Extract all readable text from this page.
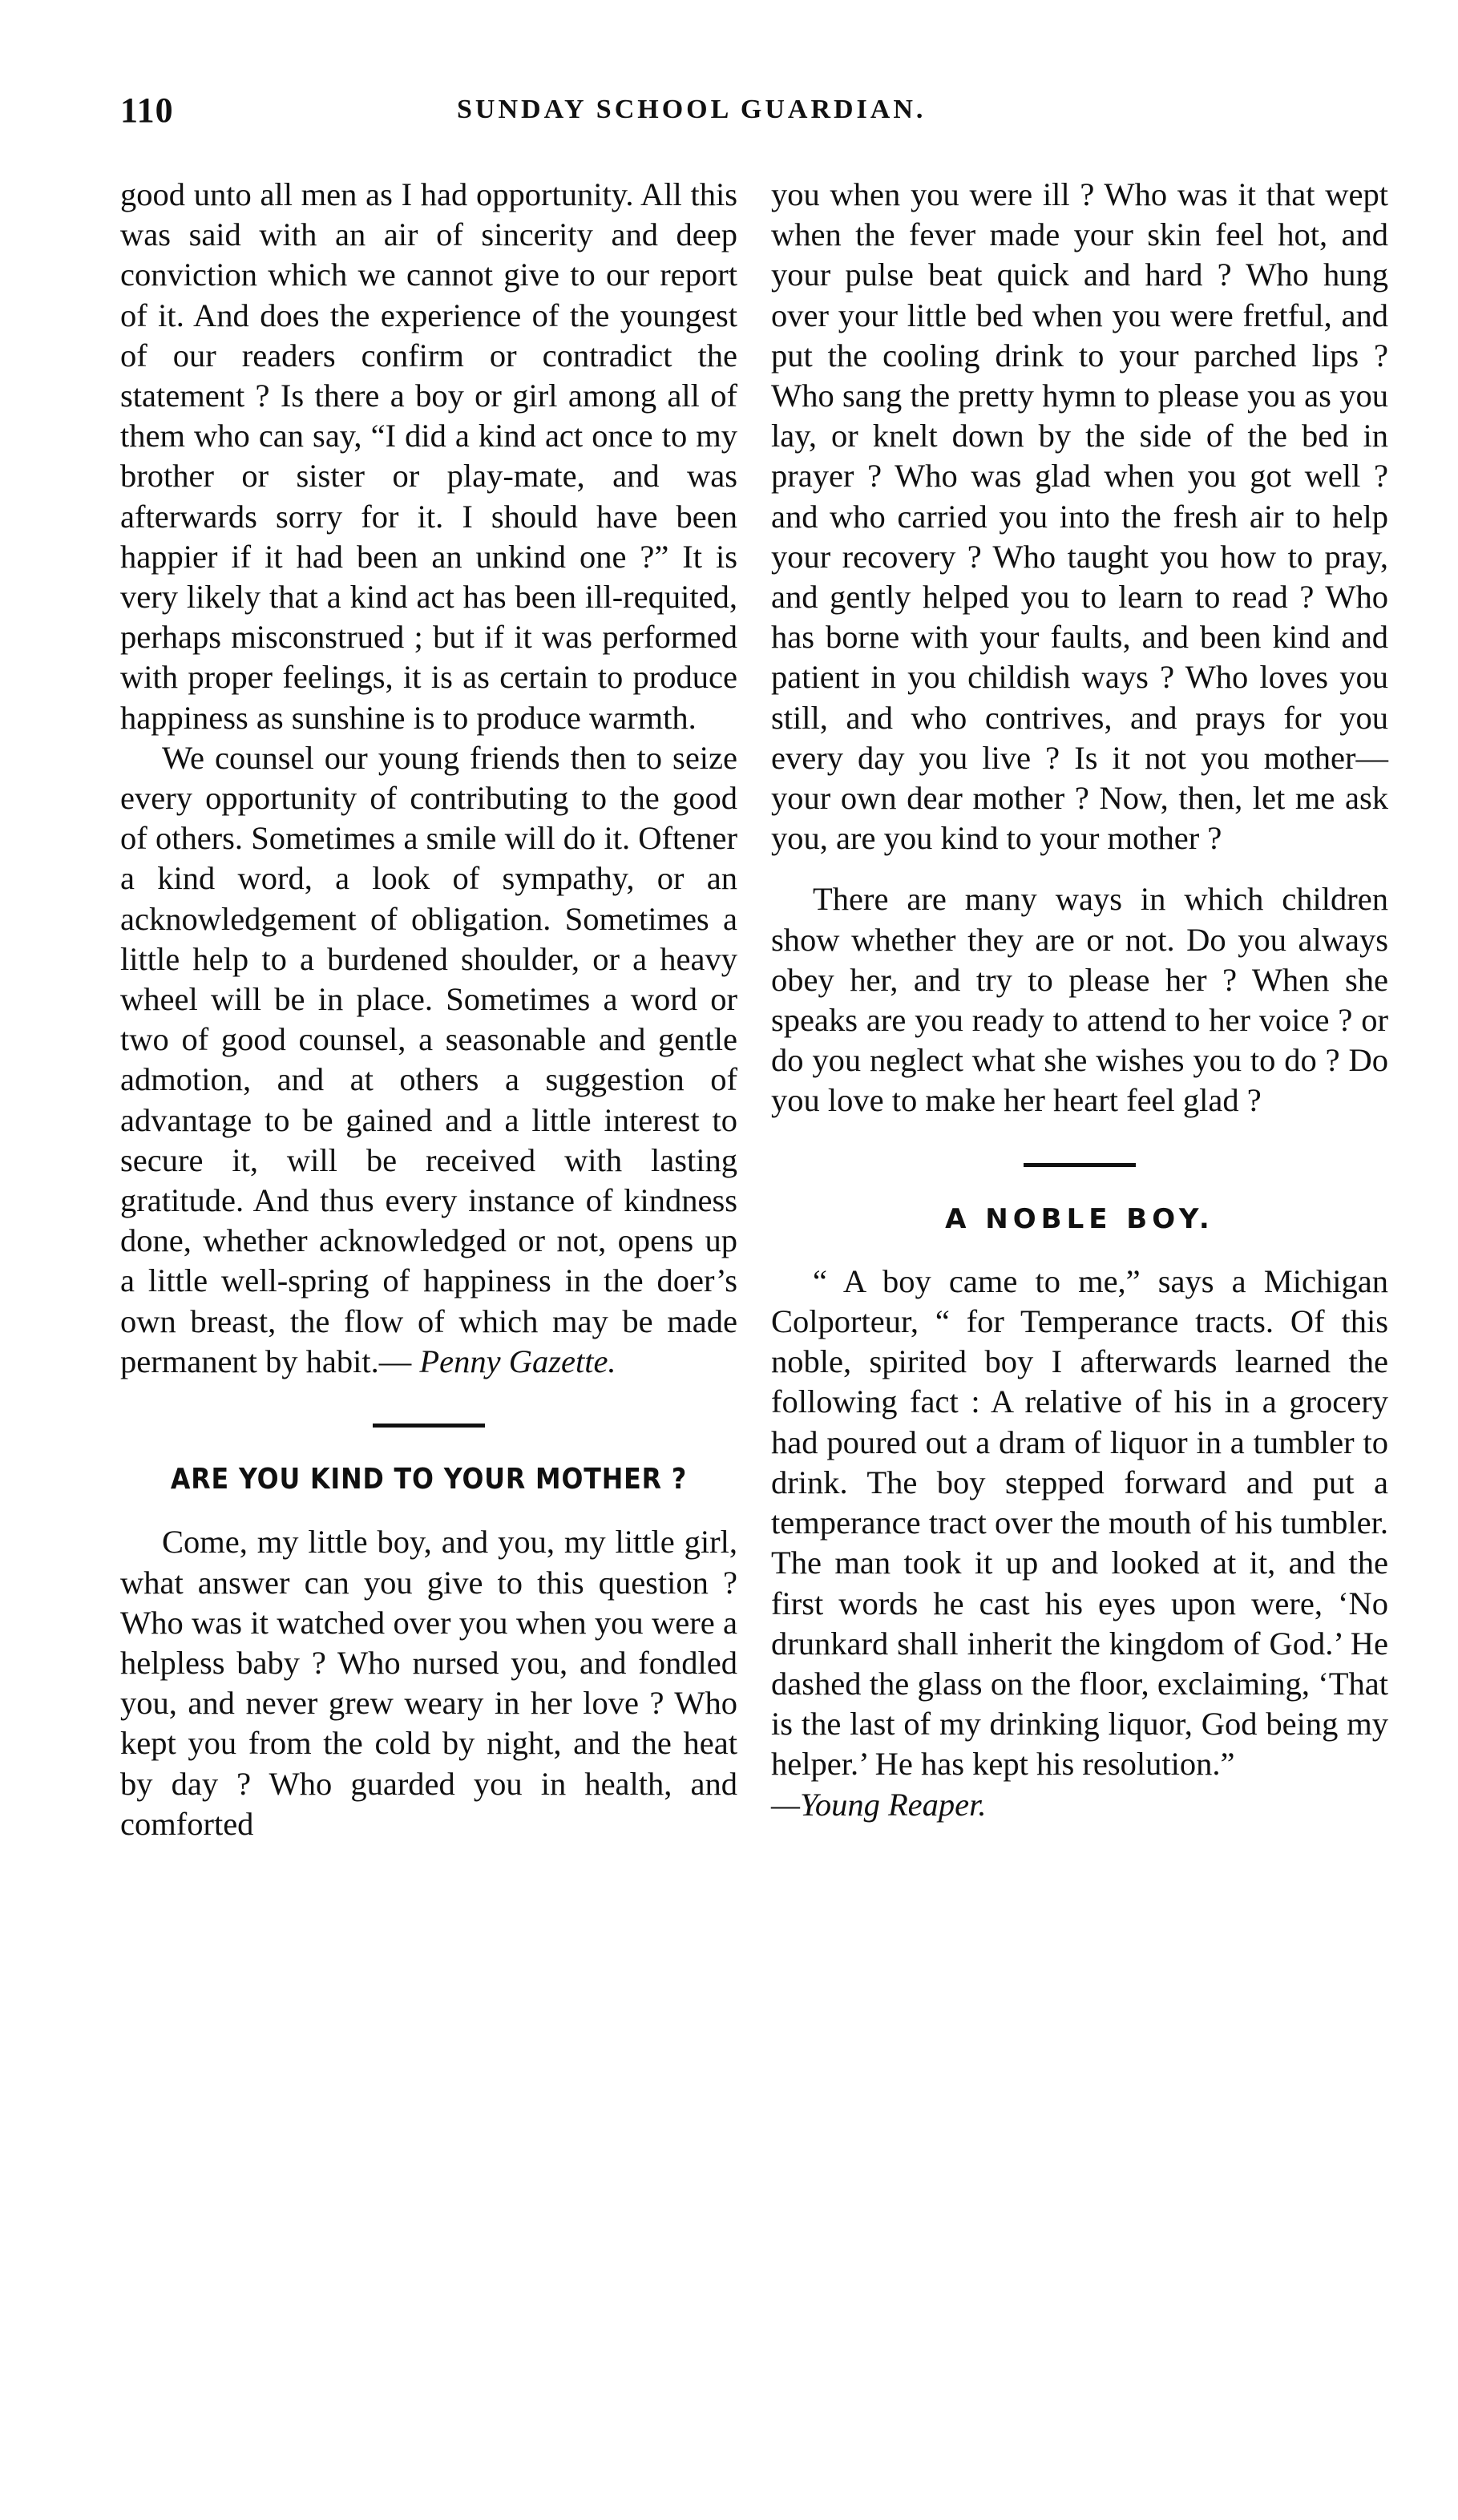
110	SUNDAY SCHOOL GUARDIAN.

good unto all men as I had opportunity. All this was said with an air of sincerity and deep conviction which we cannot give to our report of it. And does the experience of the youngest of our readers confirm or contradict the statement ? Is there a boy or girl among all of them who can say, “I did a kind act once to my brother or sister or play-mate, and was afterwards sorry for it. I should have been happier if it had been an unkind one ?” It is very likely that a kind act has been ill-requited, perhaps misconstrued ; but if it was performed with proper feelings, it is as certain to produce happiness as sunshine is to produce warmth.

We counsel our young friends then to seize every opportunity of contributing to the good of others. Sometimes a smile will do it. Oftener a kind word, a look of sympathy, or an acknowledgement of obligation. Sometimes a little help to a burdened shoulder, or a heavy wheel will be in place. Sometimes a word or two of good counsel, a seasonable and gentle admotion, and at others a suggestion of advantage to be gained and a little interest to secure it, will be received with lasting gratitude. And thus every instance of kindness done, whether acknowledged or not, opens up a little well-spring of happiness in the doer’s own breast, the flow of which may be made permanent by habit.— Penny Gazette.

ARE YOU KIND TO YOUR MOTHER ?

Come, my little boy, and you, my little girl, what answer can you give to this question ? Who was it watched over you when you were a helpless baby ? Who nursed you, and fondled you, and never grew weary in her love ? Who kept you from the cold by night, and the heat by day ? Who guarded you in health, and comforted

you when you were ill ? Who was it that wept when the fever made your skin feel hot, and your pulse beat quick and hard ? Who hung over your little bed when you were fretful, and put the cooling drink to your parched lips ? Who sang the pretty hymn to please you as you lay, or knelt down by the side of the bed in prayer ? Who was glad when you got well ? and who carried you into the fresh air to help your recovery ? Who taught you how to pray, and gently helped you to learn to read ? Who has borne with your faults, and been kind and patient in you childish ways ? Who loves you still, and who contrives, and prays for you every day you live ? Is it not you mother—your own dear mother ? Now, then, let me ask you, are you kind to your mother ?

There are many ways in which children show whether they are or not. Do you always obey her, and try to please her ? When she speaks are you ready to attend to her voice ? or do you neglect what she wishes you to do ? Do you love to make her heart feel glad ?

A NOBLE BOY.

“ A boy came to me,” says a Michigan Colporteur, “ for Temperance tracts. Of this noble, spirited boy I afterwards learned the following fact : A relative of his in a grocery had poured out a dram of liquor in a tumbler to drink. The boy stepped forward and put a temperance tract over the mouth of his tumbler. The man took it up and looked at it, and the first words he cast his eyes upon were, ‘No drunkard shall inherit the kingdom of God.’ He dashed the glass on the floor, exclaiming, ‘That is the last of my drinking liquor, God being my helper.’ He has kept his resolution.”
—Young Reaper.
